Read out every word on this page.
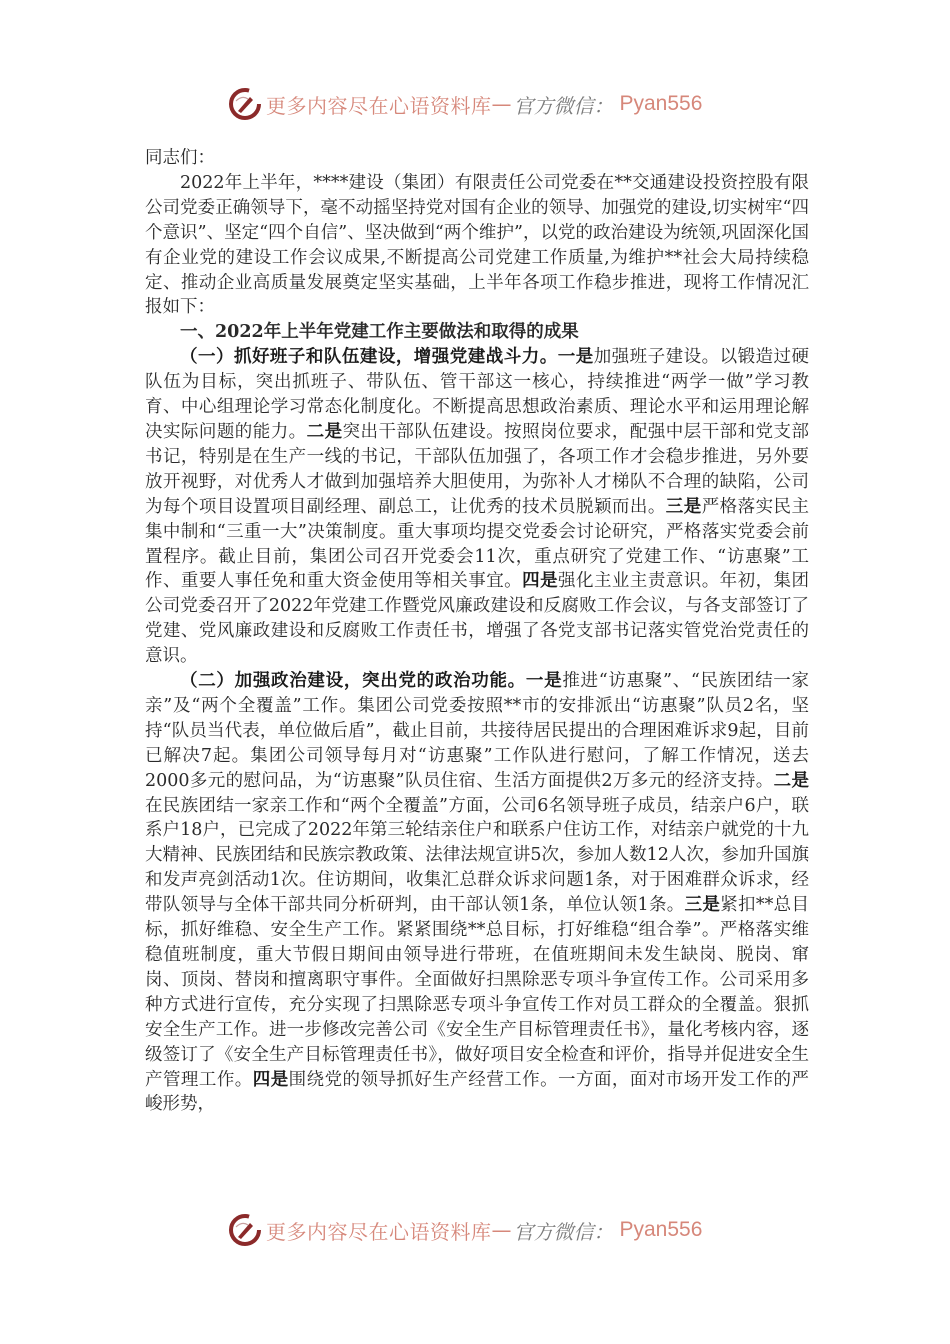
更多内容尽在心语资料库 — 官方微信： Pyan556

同志们：

2022年上半年，****建设（集团）有限责任公司党委在**交通建设投资控股有限公司党委正确领导下，毫不动摇坚持党对国有企业的领导、加强党的建设,切实树牢“四个意识”、坚定“四个自信”、坚决做到“两个维护”，以党的政治建设为统领,巩固深化国有企业党的建设工作会议成果,不断提高公司党建工作质量,为维护**社会大局持续稳定、推动企业高质量发展奠定坚实基础，上半年各项工作稳步推进，现将工作情况汇报如下：

一、2022年上半年党建工作主要做法和取得的成果

（一）抓好班子和队伍建设，增强党建战斗力。一是加强班子建设。以锻造过硬队伍为目标，突出抓班子、带队伍、管干部这一核心，持续推进“两学一做”学习教育、中心组理论学习常态化制度化。不断提高思想政治素质、理论水平和运用理论解决实际问题的能力。二是突出干部队伍建设。按照岗位要求，配强中层干部和党支部书记，特别是在生产一线的书记，干部队伍加强了，各项工作才会稳步推进，另外要放开视野，对优秀人才做到加强培养大胆使用，为弥补人才梯队不合理的缺陷，公司为每个项目设置项目副经理、副总工，让优秀的技术员脱颖而出。三是严格落实民主集中制和“三重一大”决策制度。重大事项均提交党委会讨论研究，严格落实党委会前置程序。截止目前，集团公司召开党委会11次，重点研究了党建工作、“访惠聚”工作、重要人事任免和重大资金使用等相关事宜。四是强化主业主责意识。年初，集团公司党委召开了2022年党建工作暨党风廉政建设和反腐败工作会议，与各支部签订了党建、党风廉政建设和反腐败工作责任书，增强了各党支部书记落实管党治党责任的意识。

（二）加强政治建设，突出党的政治功能。一是推进“访惠聚”、“民族团结一家亲”及“两个全覆盖”工作。集团公司党委按照**市的安排派出“访惠聚”队员2名，坚持“队员当代表，单位做后盾”，截止目前，共接待居民提出的合理困难诉求9起，目前已解决7起。集团公司领导每月对“访惠聚”工作队进行慰问，了解工作情况，送去2000多元的慰问品，为“访惠聚”队员住宿、生活方面提供2万多元的经济支持。二是在民族团结一家亲工作和“两个全覆盖”方面，公司6名领导班子成员，结亲户6户，联系户18户，已完成了2022年第三轮结亲住户和联系户住访工作，对结亲户就党的十九大精神、民族团结和民族宗教政策、法律法规宣讲5次，参加人数12人次，参加升国旗和发声亮剑活动1次。住访期间，收集汇总群众诉求问题1条，对于困难群众诉求，经带队领导与全体干部共同分析研判，由干部认领1条，单位认领1条。三是紧扣**总目标，抓好维稳、安全生产工作。紧紧围绕**总目标，打好维稳“组合拳”。严格落实维稳值班制度，重大节假日期间由领导进行带班，在值班期间未发生缺岗、脱岗、窜岗、顶岗、替岗和擅离职守事件。全面做好扫黑除恶专项斗争宣传工作。公司采用多种方式进行宣传，充分实现了扫黑除恶专项斗争宣传工作对员工群众的全覆盖。狠抓安全生产工作。进一步修改完善公司《安全生产目标管理责任书》，量化考核内容，逐级签订了《安全生产目标管理责任书》，做好项目安全检查和评价，指导并促进安全生产管理工作。四是围绕党的领导抓好生产经营工作。一方面，面对市场开发工作的严峻形势，

更多内容尽在心语资料库 — 官方微信： Pyan556
